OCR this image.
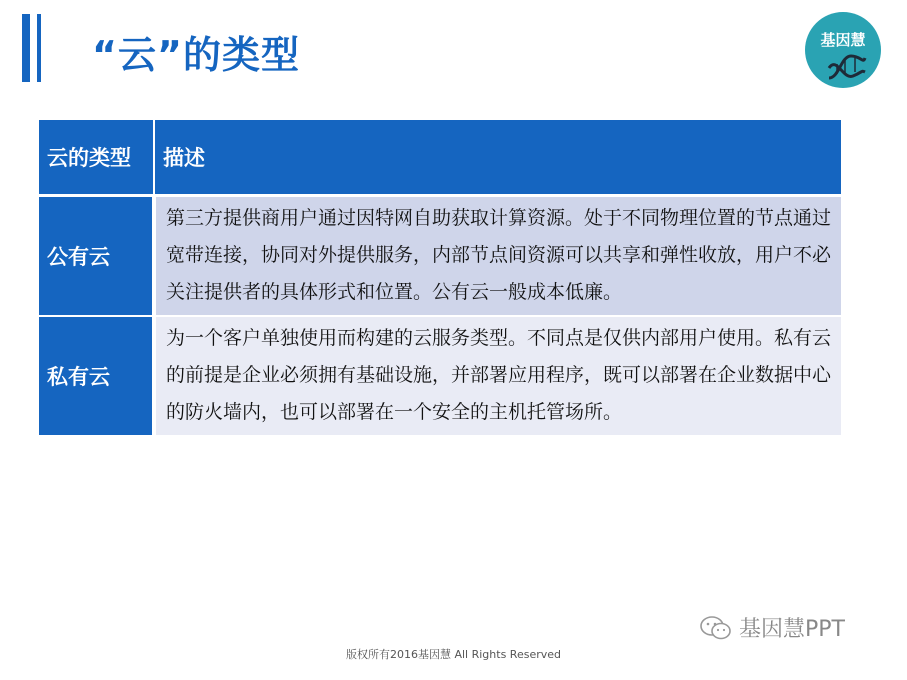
“云”的类型	基因慧
云的类型	描述
公有云	第三方提供商用户通过因特网自助获取计算资源。处于不同物理位置的节点通过宽带连接，协同对外提供服务，内部节点间资源可以共享和弹性收放，用户不必关注提供者的具体形式和位置。公有云一般成本低廉。
私有云	为一个客户单独使用而构建的云服务类型。不同点是仅供内部用户使用。私有云的前提是企业必须拥有基础设施，并部署应用程序，既可以部署在企业数据中心的防火墙内，也可以部署在一个安全的主机托管场所。
基因慧PPT
版权所有2016基因慧 All Rights Reserved
